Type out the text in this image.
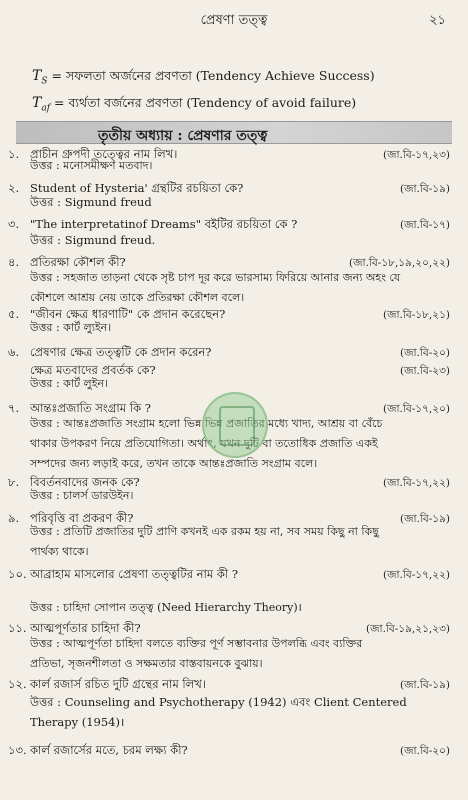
প্রেষণা তত্ত্ব	২১
$T_S$ = সফলতা অর্জনের প্রবণতা (Tendency Achieve Success)
$T_{af}$ = ব্যর্থতা বর্জনের প্রবণতা (Tendency of avoid failure)
তৃতীয় অধ্যায় : প্রেষণার তত্ত্ব
১. প্রাচীন গ্রুপদী তত্ত্বের নাম লিখ।	(জা.বি-১৭,২৩)
উত্তর : মনোসমীক্ষণ মতবাদ।
২. Student of Hysteria' গ্রন্থটির রচয়িতা কে?	(জা.বি-১৯)
উত্তর : Sigmund freud
৩. "The interpretatinof Dreams" বইটির রচয়িতা কে ?	(জা.বি-১৭)
উত্তর : Sigmund freud.
৪. প্রতিরক্ষা কৌশল কী?	(জা.বি-১৮,১৯,২০,২২)
উত্তর : সহজাত তাড়না থেকে সৃষ্ট চাপ দূর করে ভারসাম্য ফিরিয়ে আনার জন্য অহং যে
কৌশলে আশ্রয় নেয় তাকে প্রতিরক্ষা কৌশল বলে।
৫. "জীবন ক্ষেত্র ধারণাটি" কে প্রদান করেছেন?	(জা.বি-১৮,২১)
উত্তর : কার্ট ল্যুইন।
৬. প্রেষণার ক্ষেত্র তত্ত্বটি কে প্রদান করেন?	(জা.বি-২০)
ক্ষেত্র মতবাদের প্রবর্তক কে?	(জা.বি-২৩)
উত্তর : কার্ট লুইন।
৭. আন্তঃপ্রজাতি সংগ্রাম কি ?	(জা.বি-১৭,২০)
উত্তর : আন্তঃপ্রজাতি সংগ্রাম হলো ভিন্ন ভিন্ন প্রজাতির মধ্যে খাদ্য, আশ্রয় বা বেঁচে
থাকার উপকরণ নিয়ে প্রতিযোগিতা। অর্থাৎ, যখন দুটি বা ততোধিক প্রজাতি একই
সম্পদের জন্য লড়াই করে, তখন তাকে আন্তঃপ্রজাতি সংগ্রাম বলে।
৮. বিবর্তনবাদের জনক কে?	(জা.বি-১৭,২২)
উত্তর : চালর্স ডারউইন।
৯. পরিবৃত্তি বা প্রকরণ কী?	(জা.বি-১৯)
উত্তর : প্রতিটি প্রজাতির দুটি প্রাণি কখনই এক রকম হয় না, সব সময় কিছু না কিছু
পার্থক্য থাকে।
১০. আব্রাহাম মাসলোর প্রেষণা তত্ত্বটির নাম কী ?	(জা.বি-১৭,২২)
উত্তর : চাহিদা সোপান তত্ত্ব (Need Hierarchy Theory)।
১১. আত্মপূর্ণতার চাহিদা কী?	(জা.বি-১৯,২১,২৩)
উত্তর : আত্মপূর্ণতা চাহিদা বলতে ব্যক্তির পূর্ণ সম্ভাবনার উপলব্ধি এবং ব্যক্তির
প্রতিভা, সৃজনশীলতা ও সক্ষমতার বাস্তবায়নকে বুঝায়।
১২. কার্ল রজার্স রচিত দুটি গ্রন্থের নাম লিখ।	(জা.বি-১৯)
উত্তর : Counseling and Psychotherapy (1942) এবং Client Centered
Therapy (1954)।
১৩. কার্ল রজার্সের মতে, চরম লক্ষ্য কী?	(জা.বি-২০)
